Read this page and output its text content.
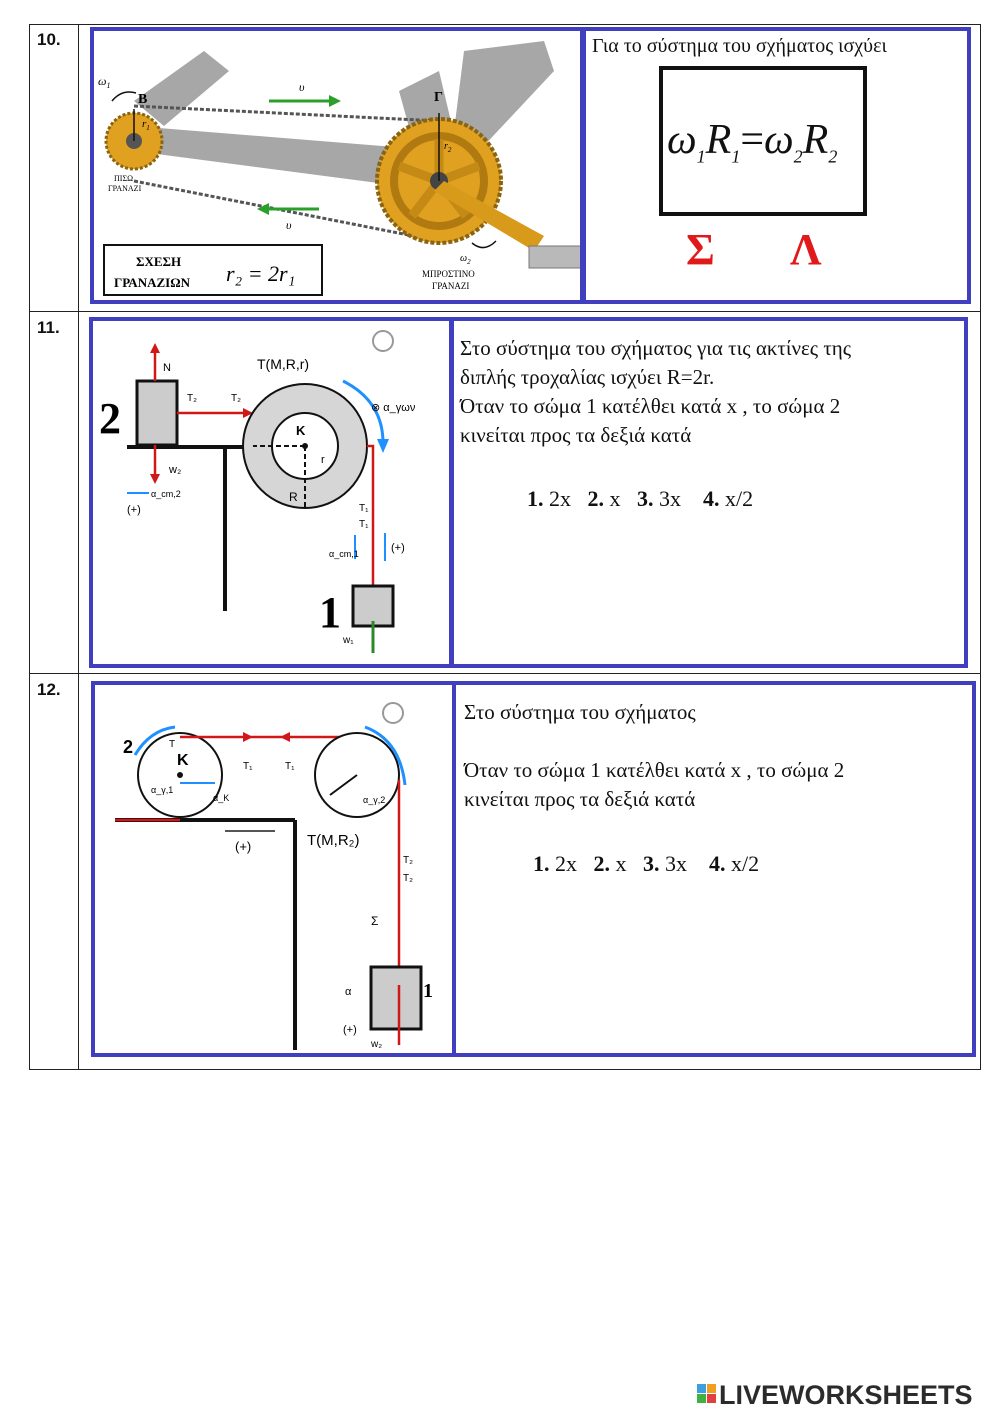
10.
11.
12.
$\omega_1$
B
$r_1$
Γ
$r_2$
υ
υ
ΠΙΣΩ
ΓΡΑΝΑΖΙ
$\omega_2$
ΜΠΡΟΣΤΙΝΟ
ΓΡΑΝΑΖΙ
ΣΧΕΣΗ
ΓΡΑΝΑΖΙΩΝ r₂ = 2r₁
Για το σύστημα του σχήματος ισχύει
$\omega_1R_1=\omega_2R_2$
Σ Λ
2
N
w₂
T₂	T₂
α_cm,2
(+)
K
r
R
T(M,R,r)
⊗ α_γων
T₁
T₁
α_cm,1	(+)
1
w₁
Στο σύστημα του σχήματος για τις ακτίνες της
διπλής τροχαλίας ισχύει R=2r.
Όταν το σώμα 1 κατέλθει κατά x , το σώμα 2
κινείται προς τα δεξιά κατά
1. 2x 2. x 3. 3x 4. x/2
2
K
T
α_γ,1
α_K
T₁	T₁
(+)	T(M,R₂)
α_γ,2
T₂
T₂
Σ
1
α
(+)
w₂
Στο σύστημα του σχήματος
Όταν το σώμα 1 κατέλθει κατά x , το σώμα 2
κινείται προς τα δεξιά κατά
1. 2x 2. x 3. 3x 4. x/2
LIVEWORKSHEETS
